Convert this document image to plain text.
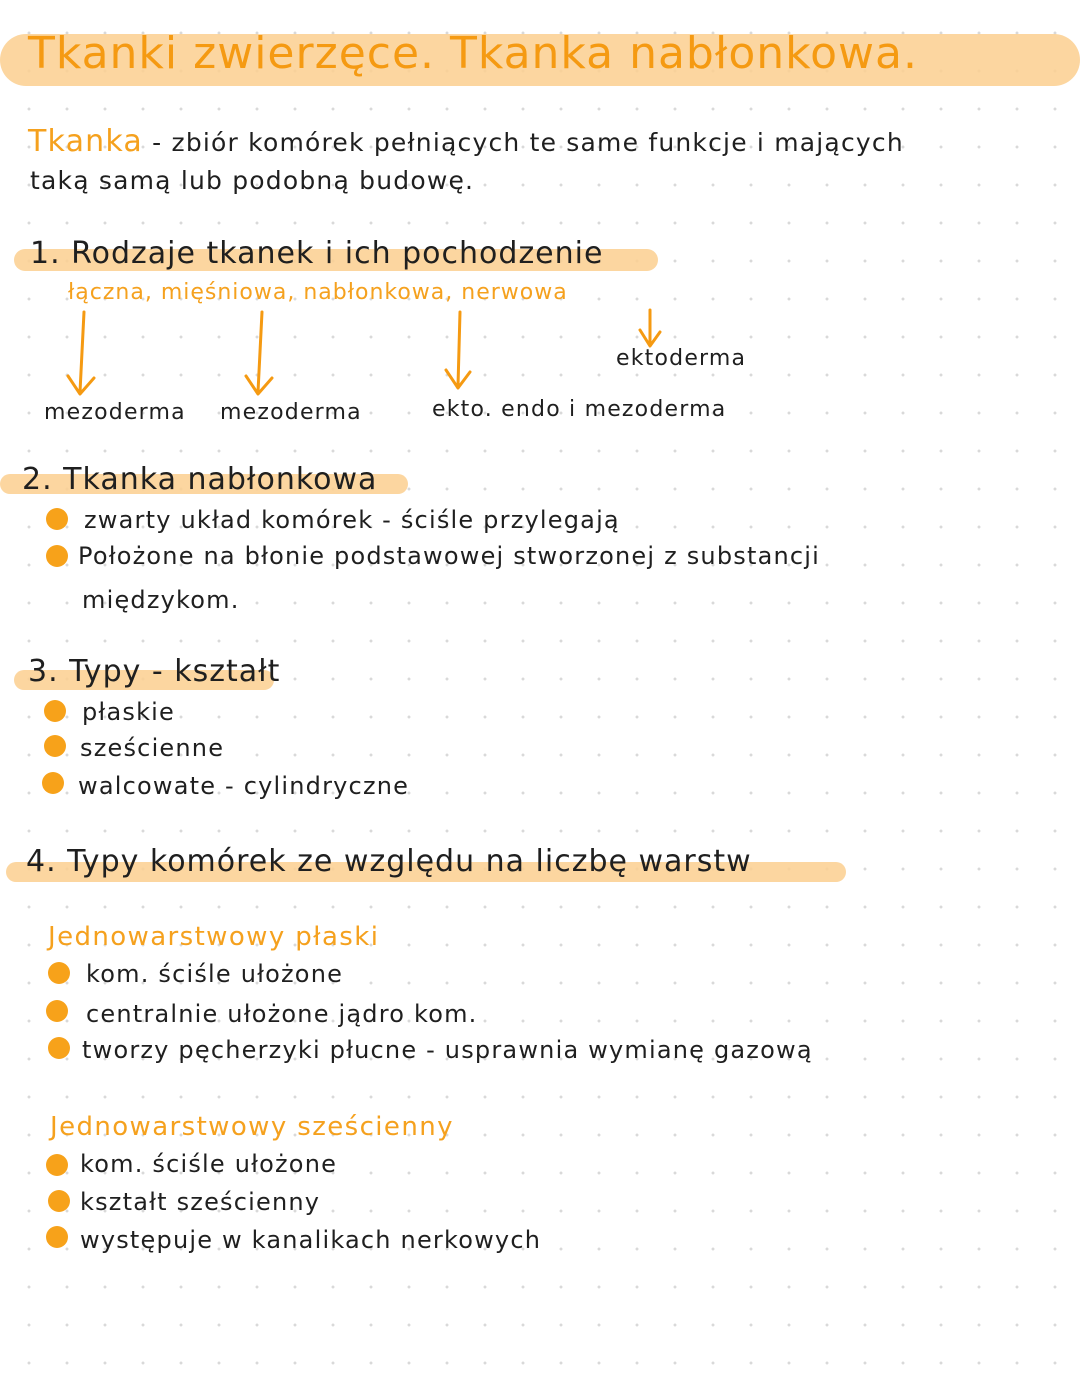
Tkanki zwierzęce. Tkanka nabłonkowa.
Tkanka - zbiór komórek pełniących te same funkcje i mających
taką samą lub podobną budowę.
1. Rodzaje tkanek i ich pochodzenie
łączna, mięśniowa, nabłonkowa, nerwowa
ektoderma
mezoderma mezoderma	ekto. endo i mezoderma
2. Tkanka nabłonkowa
zwarty układ komórek - ściśle przylegają
Położone na błonie podstawowej stworzonej z substancji
międzykom.
3. Typy - kształt
płaskie
sześcienne
walcowate - cylindryczne
4. Typy komórek ze względu na liczbę warstw
Jednowarstwowy płaski
kom. ściśle ułożone
centralnie ułożone jądro kom.
tworzy pęcherzyki płucne - usprawnia wymianę gazową
Jednowarstwowy sześcienny
kom. ściśle ułożone
kształt sześcienny
występuje w kanalikach nerkowych
